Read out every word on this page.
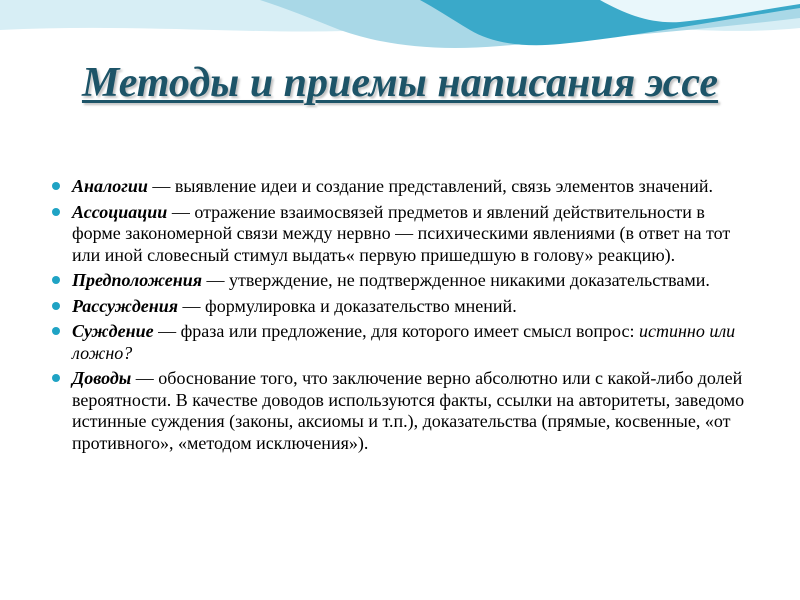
Методы и приемы написания эссе
Аналогии — выявление идеи и создание представлений, связь элементов значений.
Ассоциации — отражение взаимосвязей предметов и явлений действительности в форме закономерной связи между нервно — психическими явлениями (в ответ на тот или иной словесный стимул выдать« первую пришедшую в голову» реакцию).
Предположения — утверждение, не подтвержденное никакими доказательствами.
Рассуждения — формулировка и доказательство мнений.
Суждение — фраза или предложение, для которого имеет смысл вопрос: истинно или ложно?
Доводы — обоснование того, что заключение верно абсолютно или с какой-либо долей вероятности. В качестве доводов используются факты, ссылки на авторитеты, заведомо истинные суждения (законы, аксиомы и т.п.), доказательства (прямые, косвенные, «от противного», «методом исключения»).
